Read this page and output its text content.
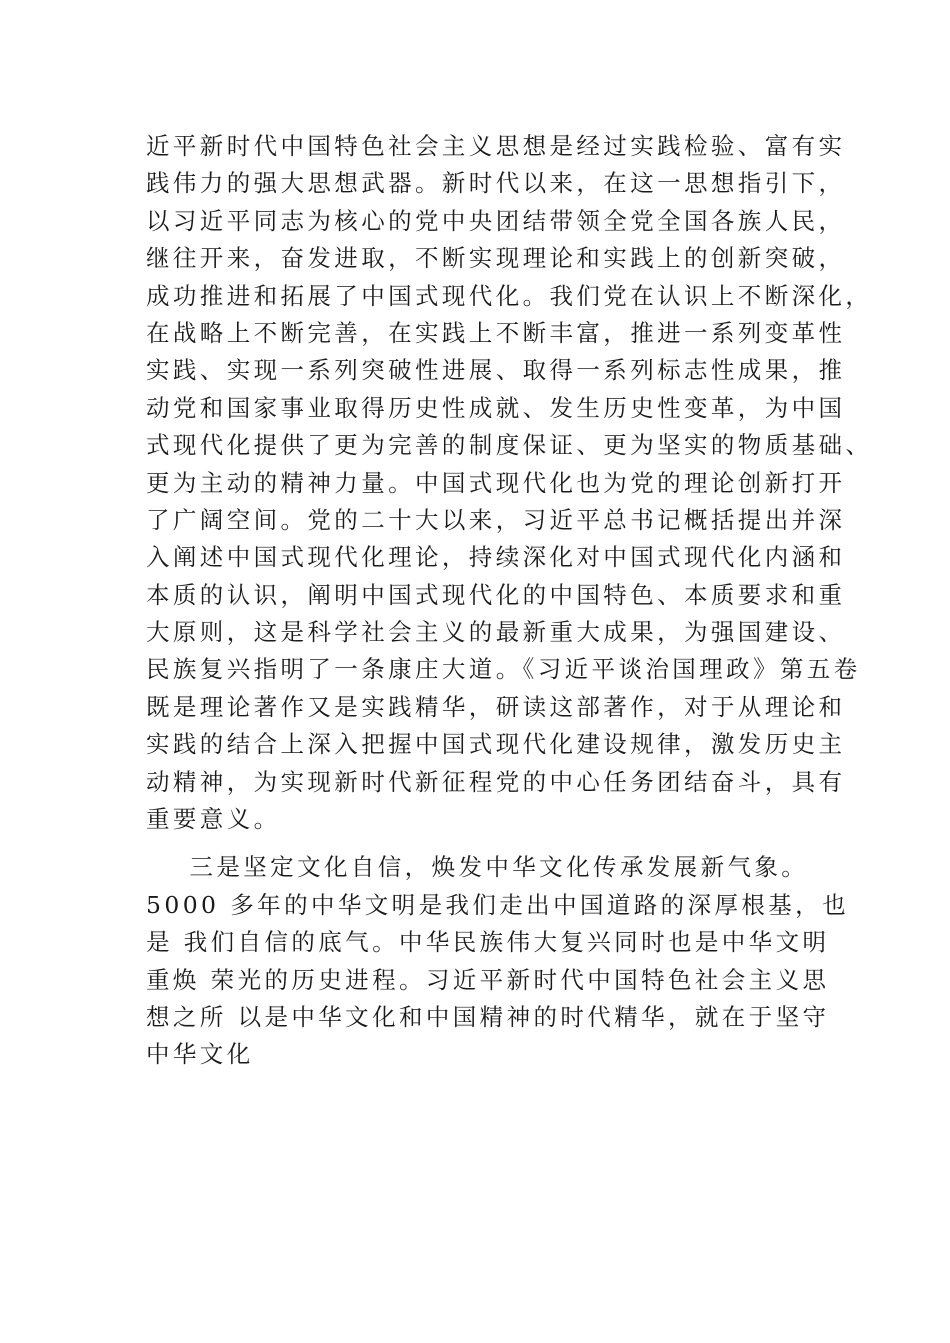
近平新时代中国特色社会主义思想是经过实践检验、富有实
践伟力的强大思想武器。新时代以来，在这一思想指引下，
以习近平同志为核心的党中央团结带领全党全国各族人民，
继往开来，奋发进取，不断实现理论和实践上的创新突破，
成功推进和拓展了中国式现代化。我们党在认识上不断深化，
在战略上不断完善，在实践上不断丰富，推进一系列变革性
实践、实现一系列突破性进展、取得一系列标志性成果，推
动党和国家事业取得历史性成就、发生历史性变革，为中国
式现代化提供了更为完善的制度保证、更为坚实的物质基础、
更为主动的精神力量。中国式现代化也为党的理论创新打开
了广阔空间。党的二十大以来，习近平总书记概括提出并深
入阐述中国式现代化理论，持续深化对中国式现代化内涵和
本质的认识，阐明中国式现代化的中国特色、本质要求和重
大原则，这是科学社会主义的最新重大成果，为强国建设、
民族复兴指明了一条康庄大道。《习近平谈治国理政》第五卷
既是理论著作又是实践精华，研读这部著作，对于从理论和
实践的结合上深入把握中国式现代化建设规律，激发历史主
动精神，为实现新时代新征程党的中心任务团结奋斗，具有
重要意义。
三是坚定文化自信，焕发中华文化传承发展新气象。
5000 多年的中华文明是我们走出中国道路的深厚根基，也
是 我们自信的底气。中华民族伟大复兴同时也是中华文明
重焕 荣光的历史进程。习近平新时代中国特色社会主义思
想之所 以是中华文化和中国精神的时代精华，就在于坚守
中华文化
